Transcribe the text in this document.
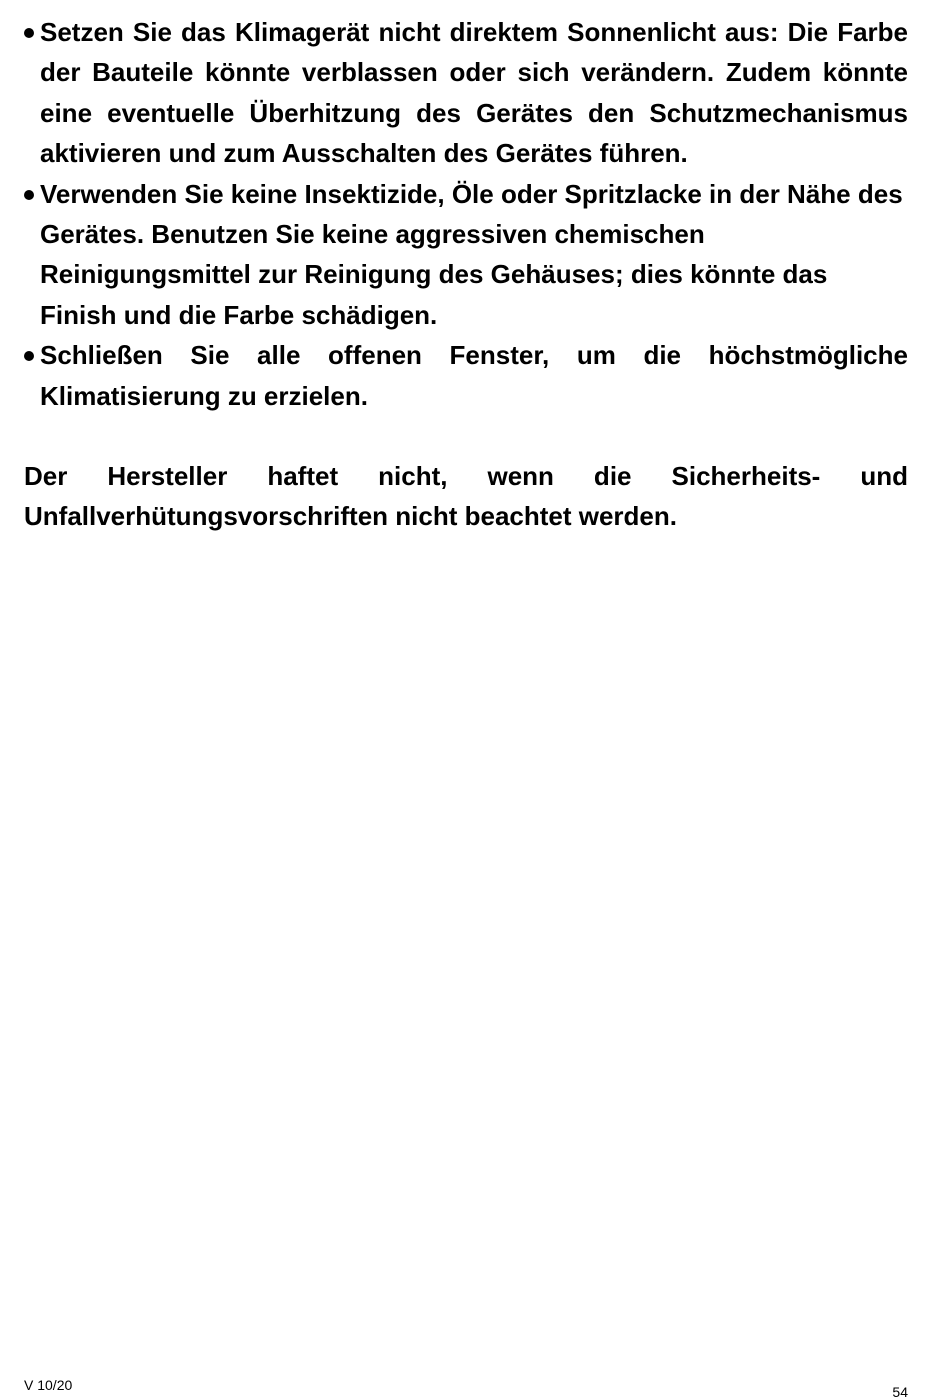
Setzen Sie das Klimagerät nicht direktem Sonnenlicht aus: Die Farbe der Bauteile könnte verblassen oder sich verändern. Zudem könnte eine eventuelle Überhitzung des Gerätes den Schutzmechanismus aktivieren und zum Ausschalten des Gerätes führen.
Verwenden Sie keine Insektizide, Öle oder Spritzlacke in der Nähe des Gerätes. Benutzen Sie keine aggressiven chemischen Reinigungsmittel zur Reinigung des Gehäuses; dies könnte das Finish und die Farbe schädigen.
Schließen Sie alle offenen Fenster, um die höchstmögliche Klimatisierung zu erzielen.

Der Hersteller haftet nicht, wenn die Sicherheits- und Unfallverhütungsvorschriften nicht beachtet werden.

V 10/20	54
